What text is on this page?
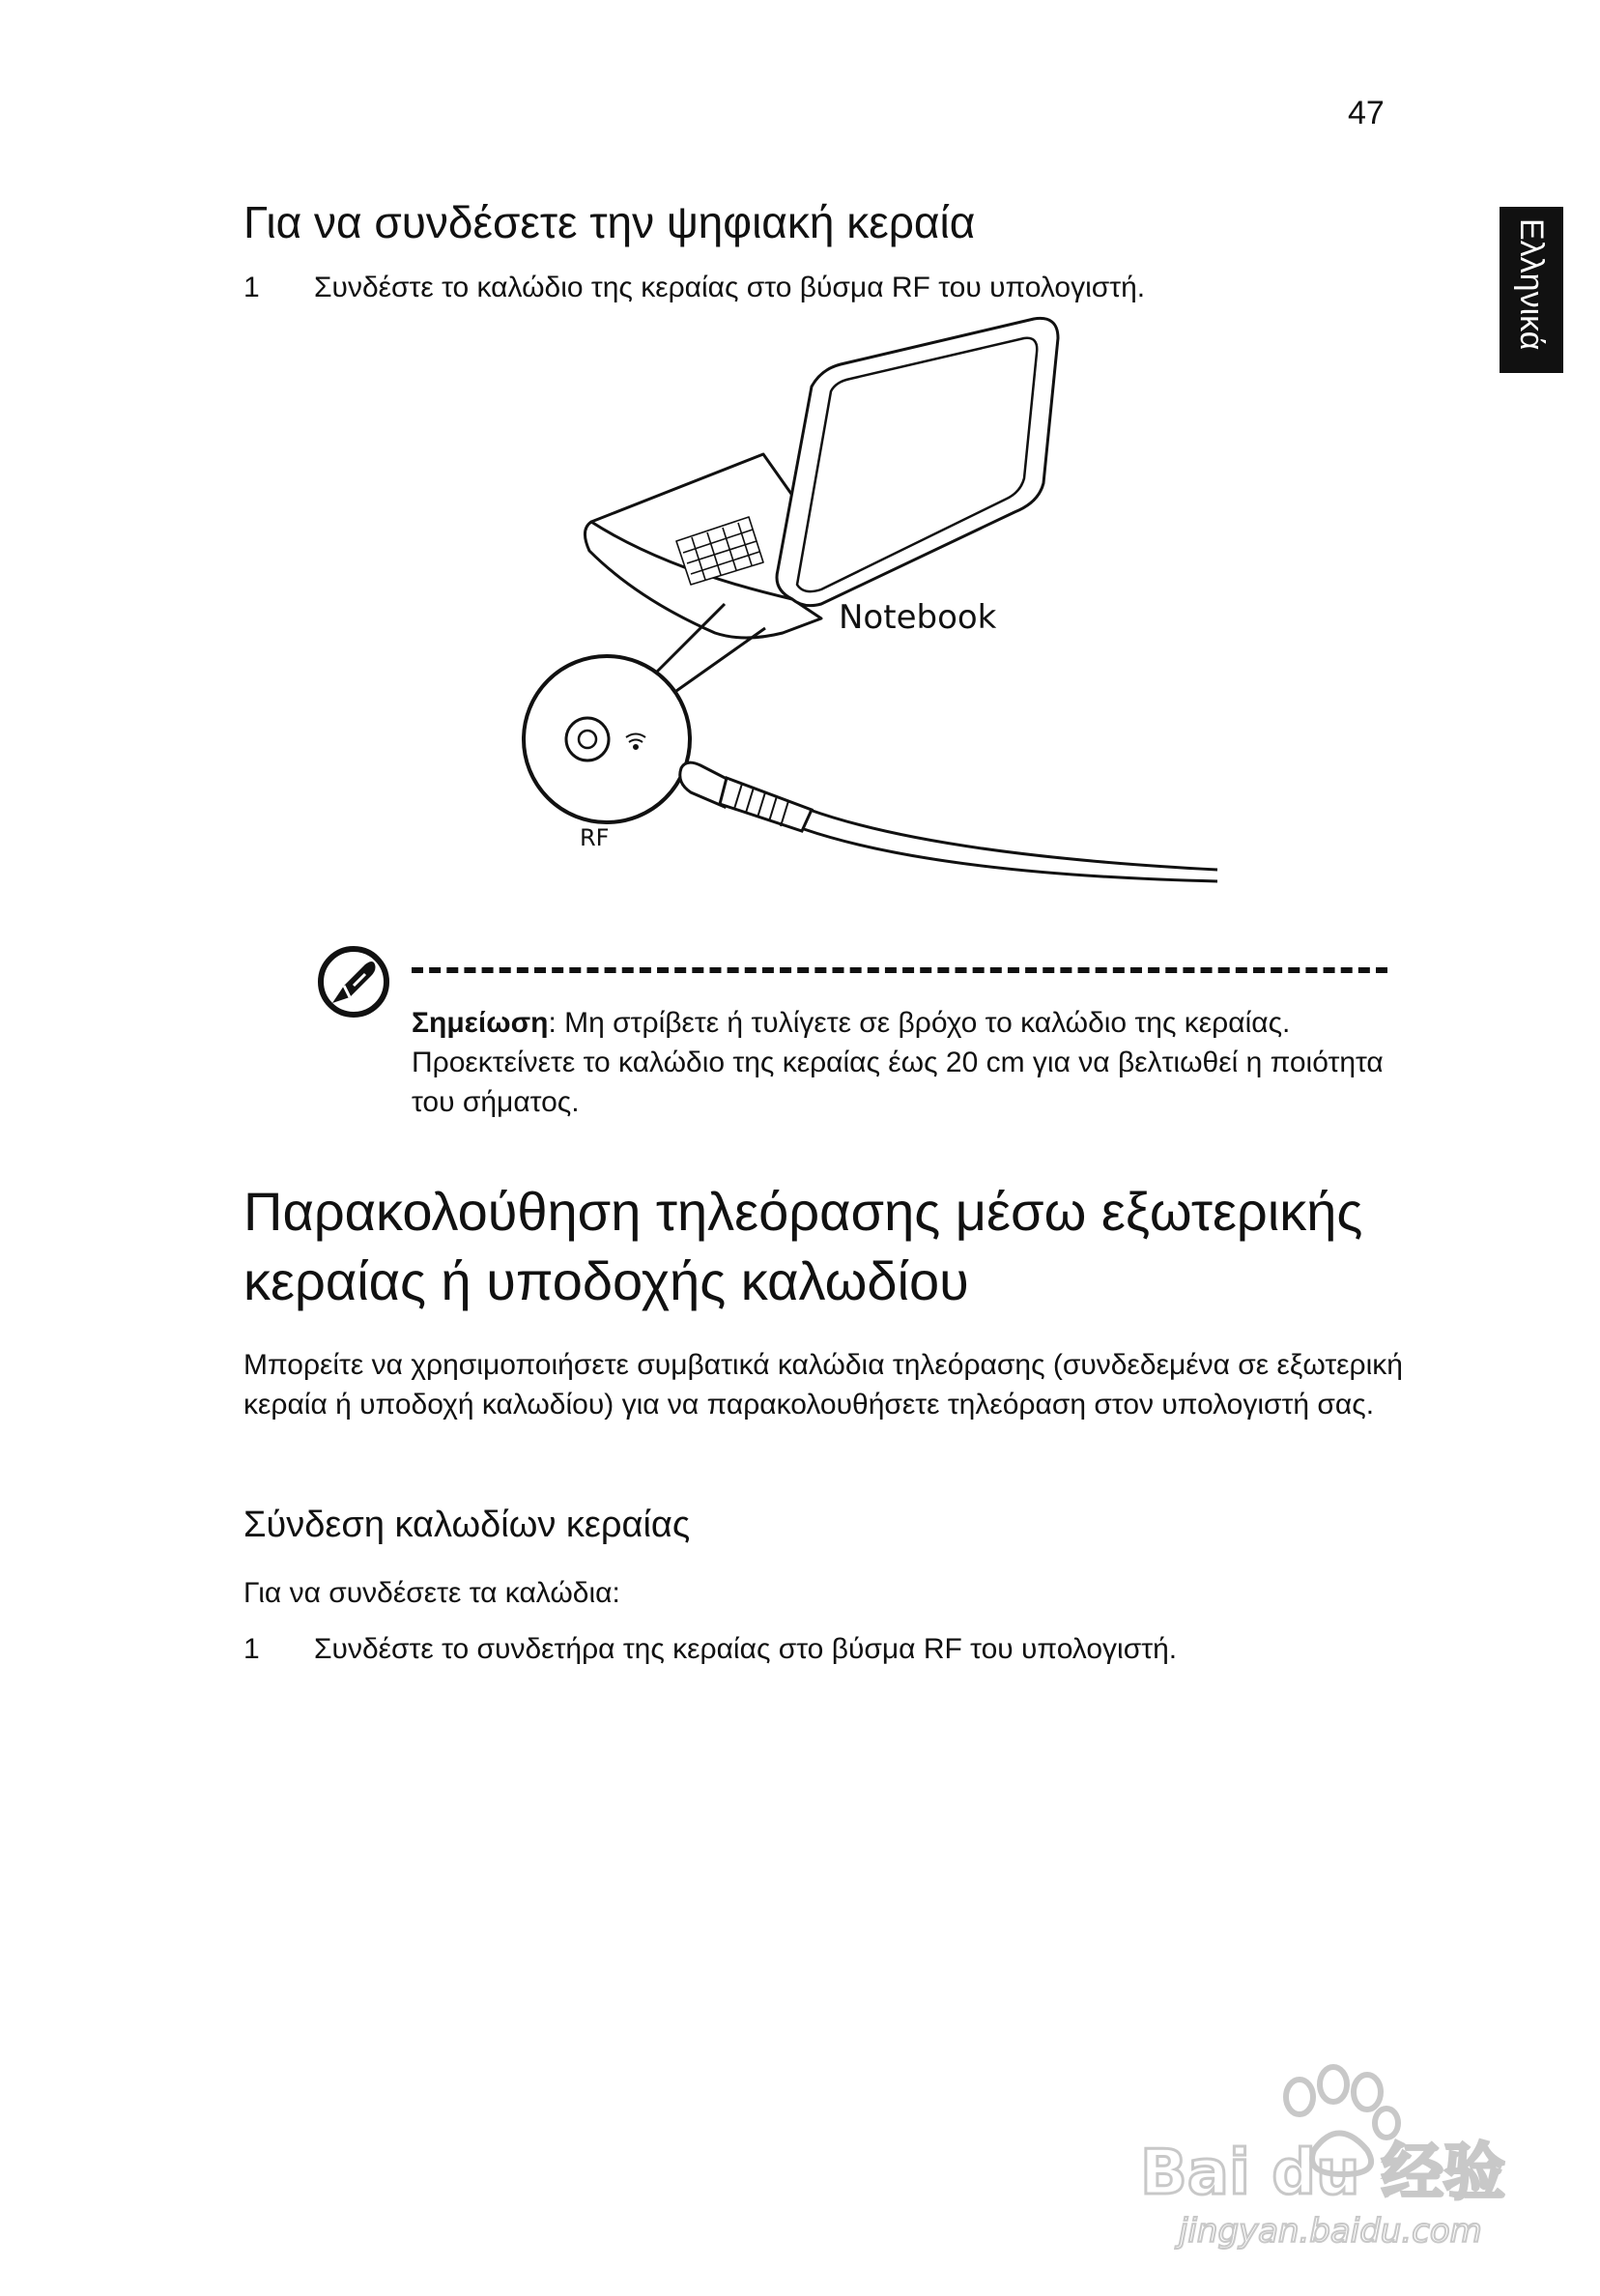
47
Ελληνικά
Για να συνδέσετε την ψηφιακή κεραία
1 Συνδέστε το καλώδιο της κεραίας στο βύσμα RF του υπολογιστή.
Notebook
RF
Σημείωση: Μη στρίβετε ή τυλίγετε σε βρόχο το καλώδιο της κεραίας. Προεκτείνετε το καλώδιο της κεραίας έως 20 cm για να βελτιωθεί η ποιότητα του σήματος.
Παρακολούθηση τηλεόρασης μέσω εξωτερικής κεραίας ή υποδοχής καλωδίου
Μπορείτε να χρησιμοποιήσετε συμβατικά καλώδια τηλεόρασης (συνδεδεμένα σε εξωτερική κεραία ή υποδοχή καλωδίου) για να παρακολουθήσετε τηλεόραση στον υπολογιστή σας.
Σύνδεση καλωδίων κεραίας
Για να συνδέσετε τα καλώδια:
1 Συνδέστε το συνδετήρα της κεραίας στο βύσμα RF του υπολογιστή.
Bai du 经验
jingyan.baidu.com
